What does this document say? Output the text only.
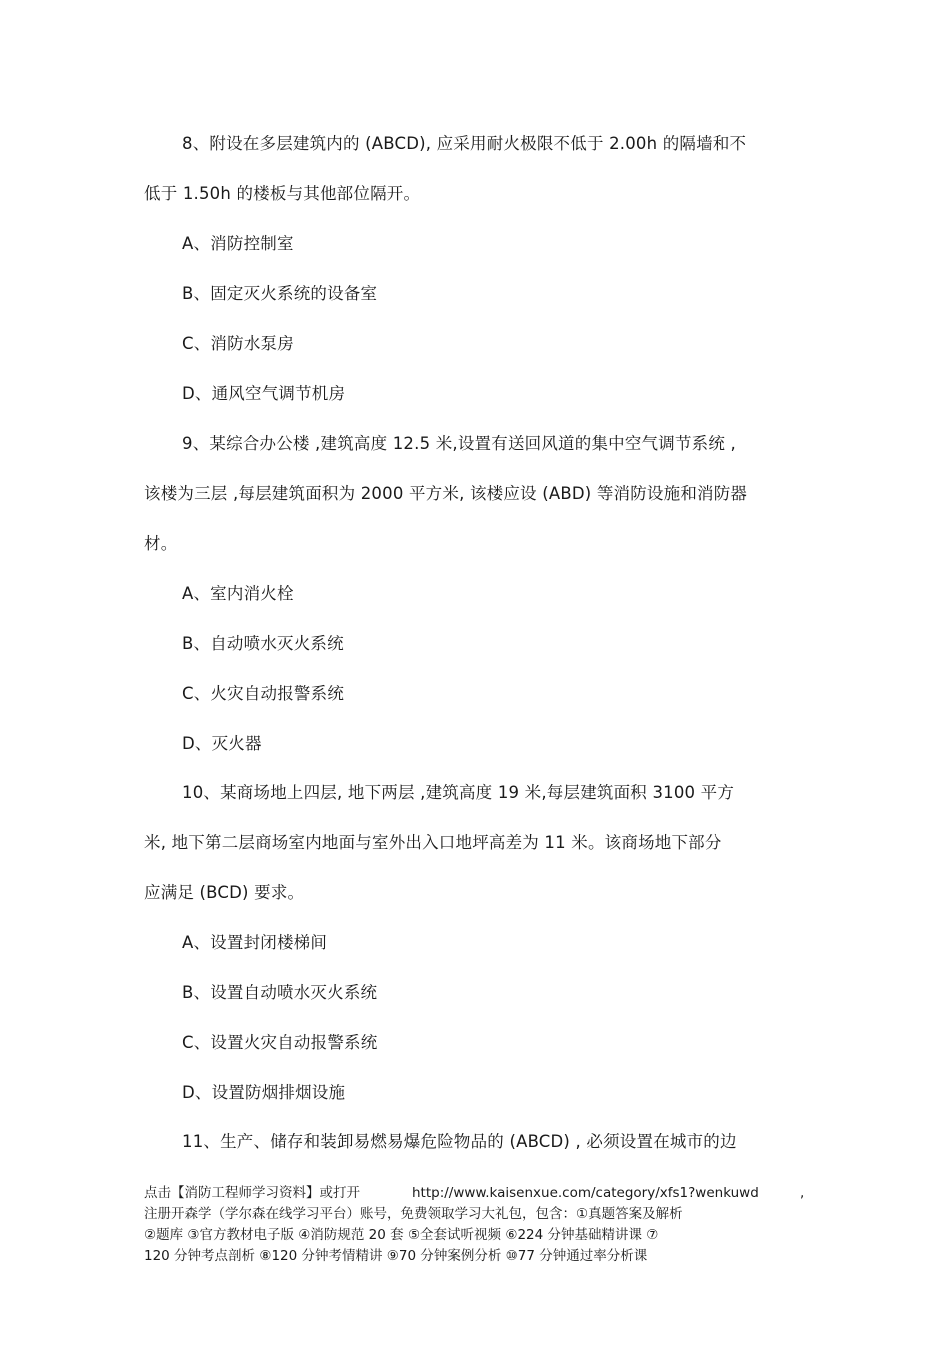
8、附设在多层建筑内的 (ABCD), 应采用耐火极限不低于 2.00h 的隔墙和不
低于 1.50h 的楼板与其他部位隔开。
A、消防控制室
B、固定灭火系统的设备室
C、消防水泵房
D、通风空气调节机房
9、某综合办公楼 ,建筑高度 12.5 米,设置有送回风道的集中空气调节系统 ,
该楼为三层 ,每层建筑面积为 2000 平方米, 该楼应设 (ABD) 等消防设施和消防器
材。
A、室内消火栓
B、自动喷水灭火系统
C、火灾自动报警系统
D、灭火器
10、某商场地上四层, 地下两层 ,建筑高度 19 米,每层建筑面积 3100 平方
米, 地下第二层商场室内地面与室外出入口地坪高差为 11 米。该商场地下部分
应满足 (BCD) 要求。
A、设置封闭楼梯间
B、设置自动喷水灭火系统
C、设置火灾自动报警系统
D、设置防烟排烟设施
11、生产、储存和装卸易燃易爆危险物品的 (ABCD) , 必须设置在城市的边
点击【消防工程师学习资料】或打开	http://www.kaisenxue.com/category/xfs1?wenkuwd	,
注册开森学（学尔森在线学习平台）账号，免费领取学习大礼包，包含：①真题答案及解析
②题库 ③官方教材电子版 ④消防规范 20 套 ⑤全套试听视频 ⑥224 分钟基础精讲课 ⑦
120 分钟考点剖析 ⑧120 分钟考情精讲 ⑨70 分钟案例分析 ⑩77 分钟通过率分析课
